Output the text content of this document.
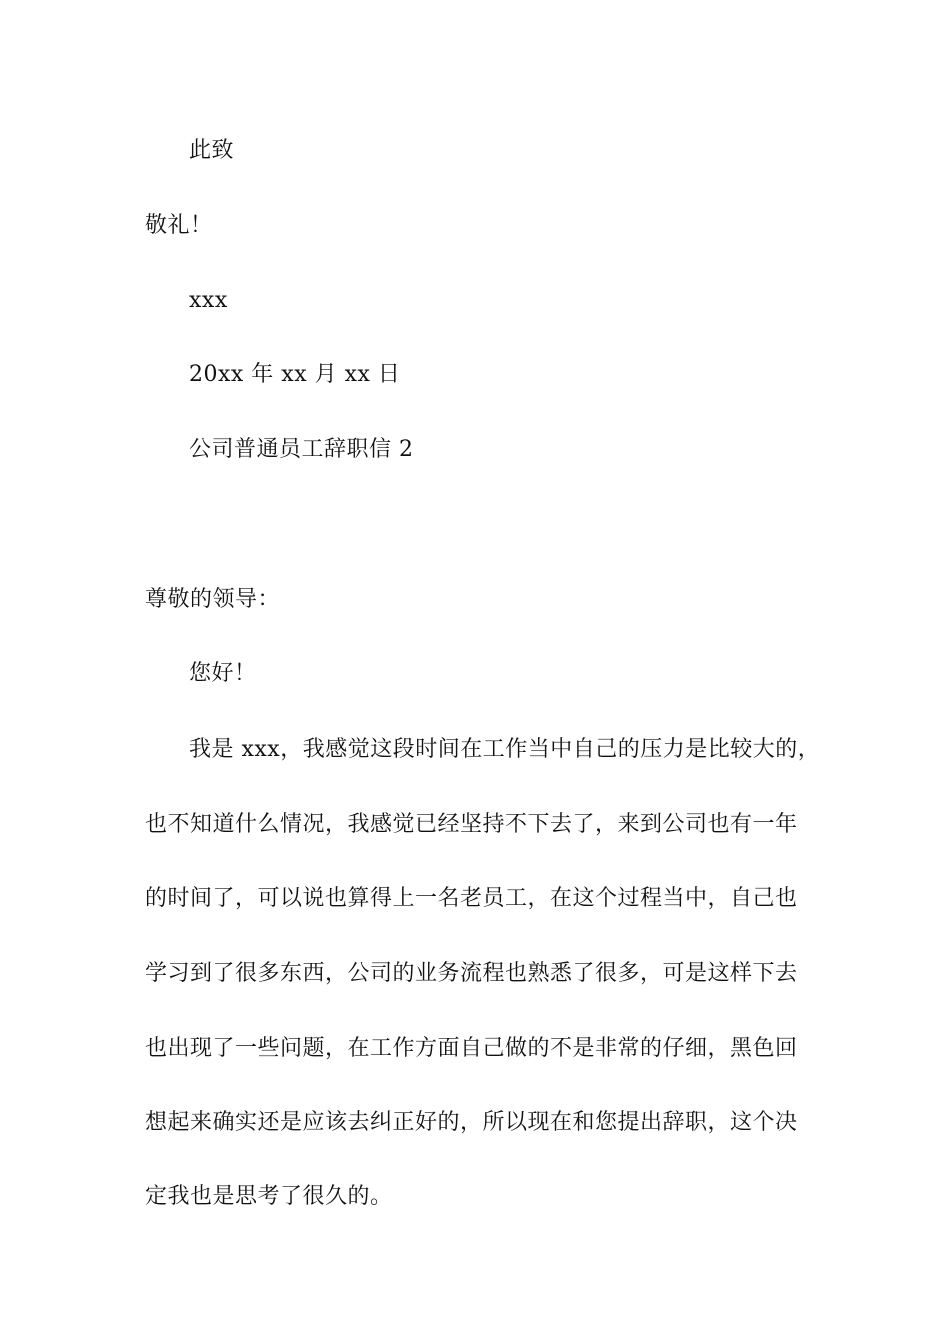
此致
敬礼！
xxx
20xx 年 xx 月 xx 日
公司普通员工辞职信 2
尊敬的领导：
您好！
我是 xxx，我感觉这段时间在工作当中自己的压力是比较大的，
也不知道什么情况，我感觉已经坚持不下去了，来到公司也有一年
的时间了，可以说也算得上一名老员工，在这个过程当中，自己也
学习到了很多东西，公司的业务流程也熟悉了很多，可是这样下去
也出现了一些问题，在工作方面自己做的不是非常的仔细，黑色回
想起来确实还是应该去纠正好的，所以现在和您提出辞职，这个决
定我也是思考了很久的。
